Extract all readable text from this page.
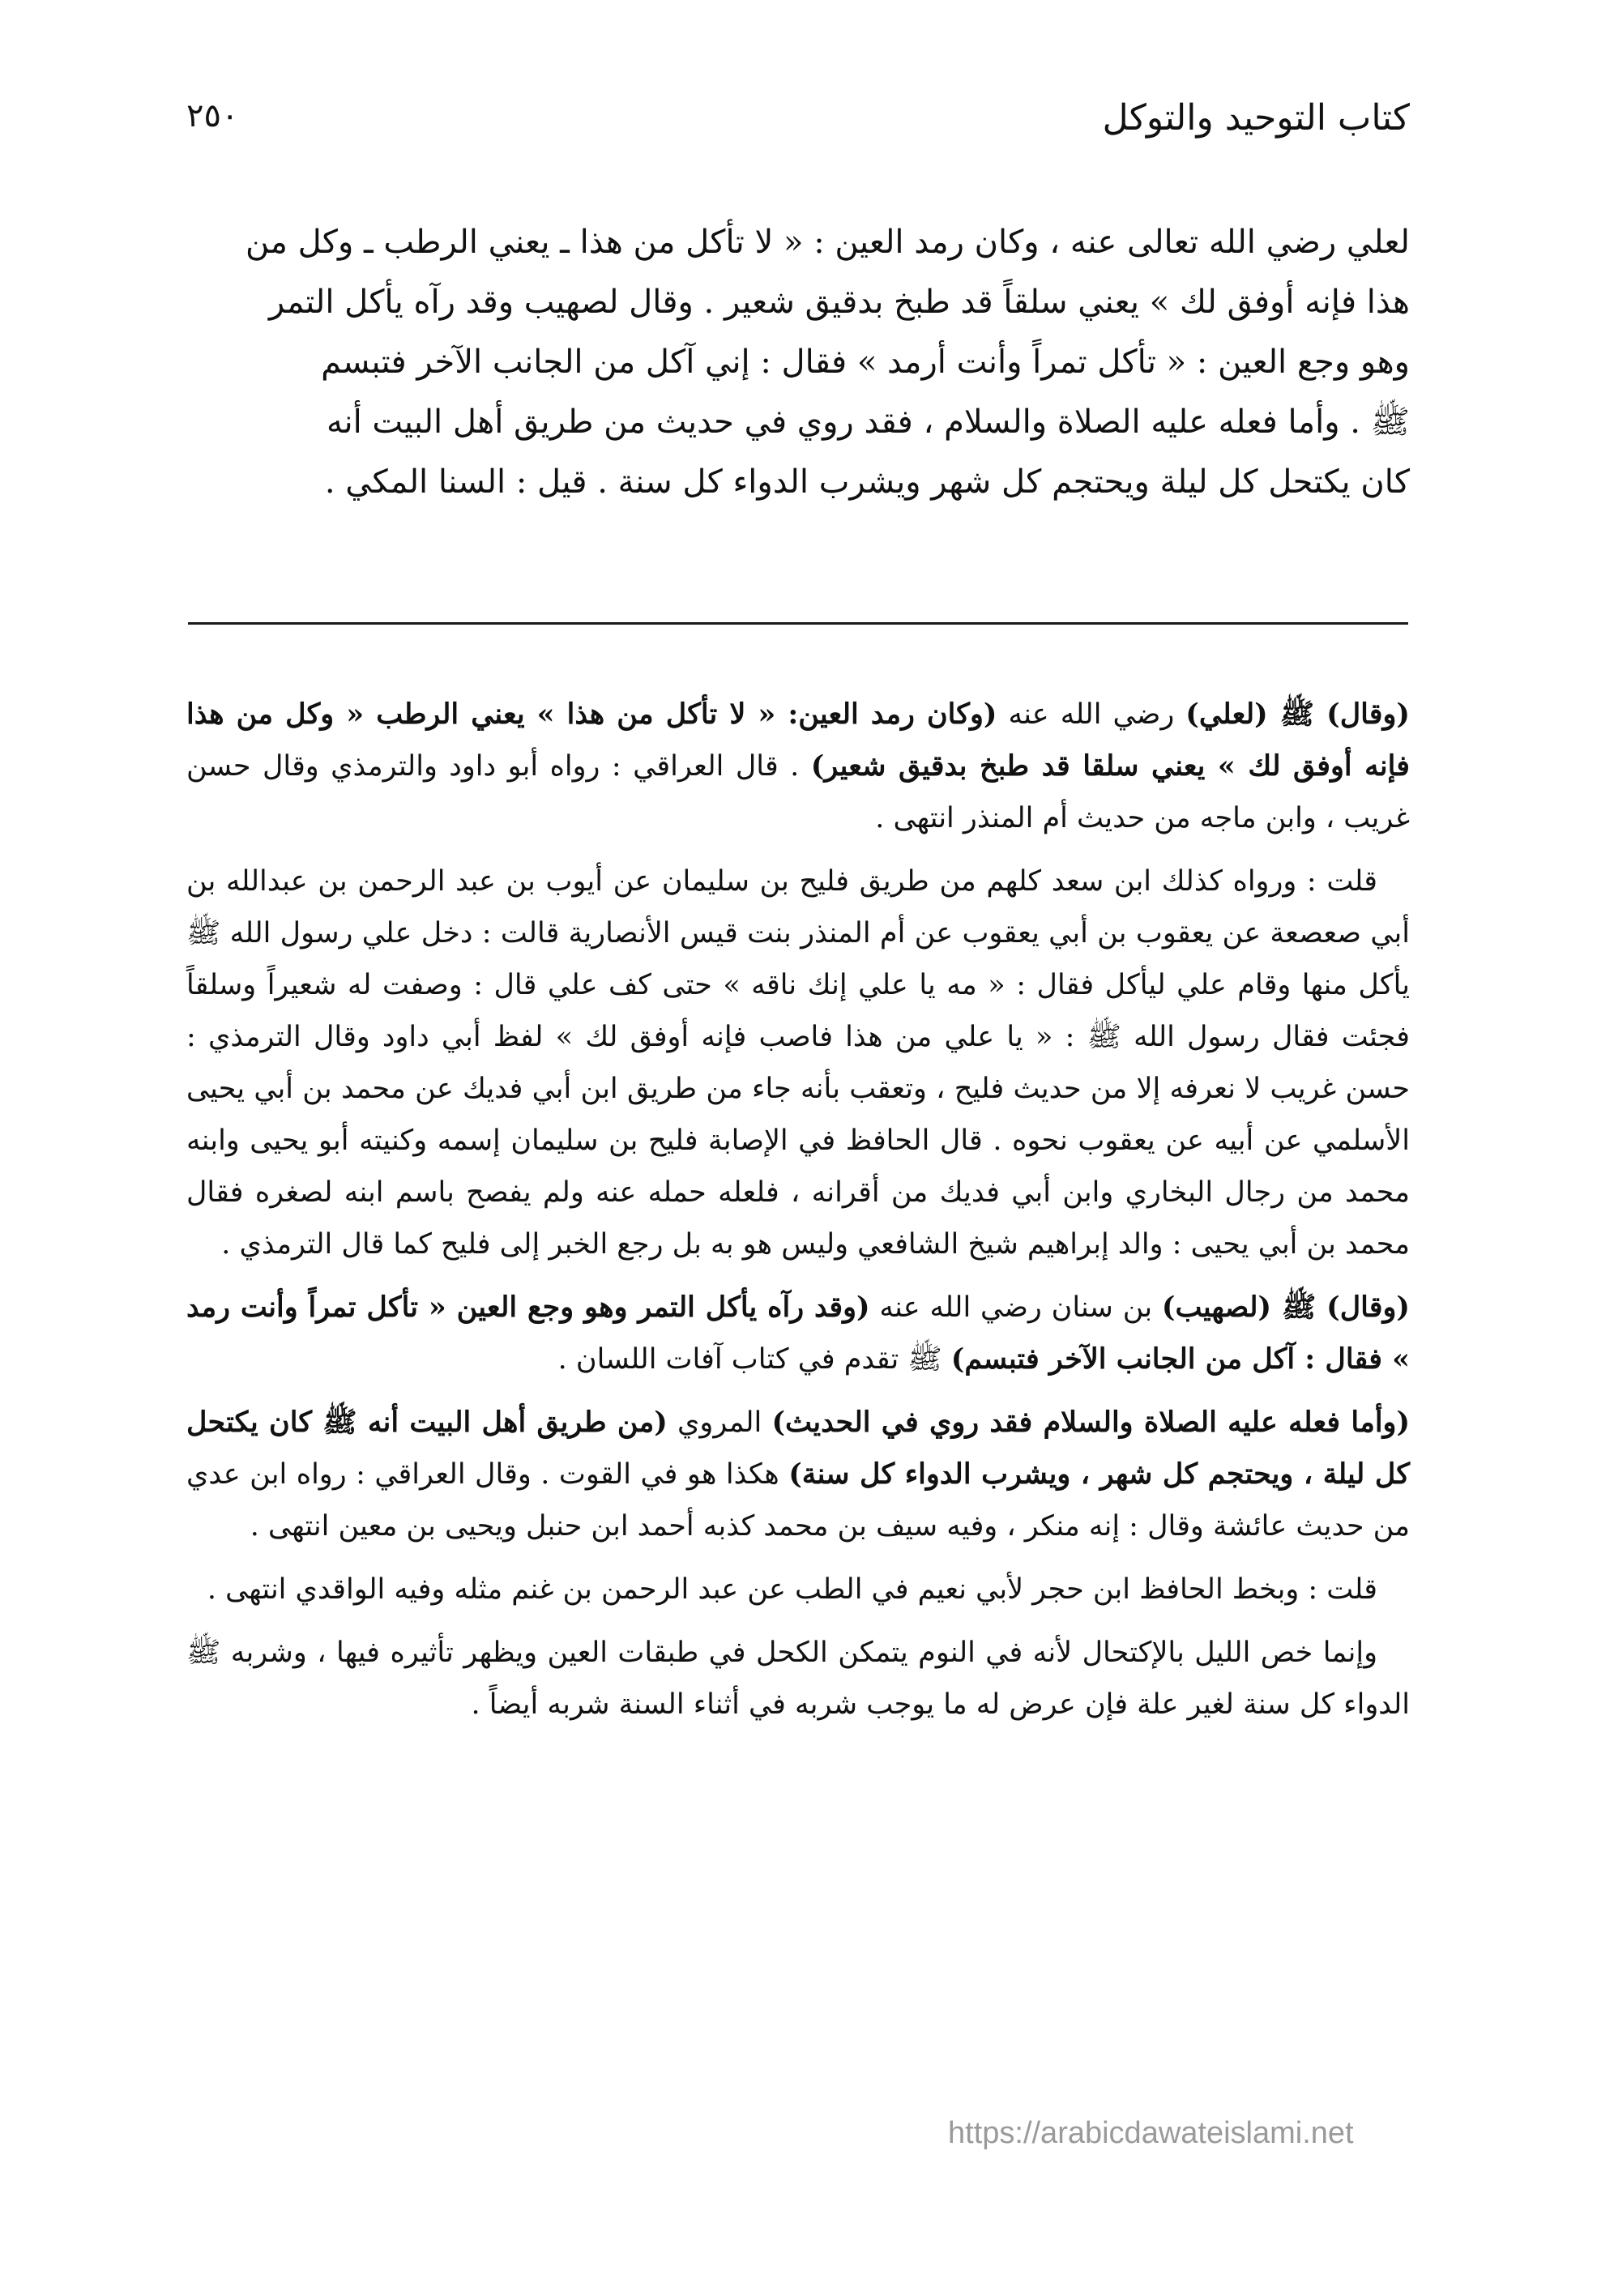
٢٥٠	كتاب التوحيد والتوكل
لعلي رضي الله تعالى عنه ، وكان رمد العين : « لا تأكل من هذا ـ يعني الرطب ـ وكل من
هذا فإنه أوفق لك » يعني سلقاً قد طبخ بدقيق شعير . وقال لصهيب وقد رآه يأكل التمر
وهو وجع العين : « تأكل تمراً وأنت أرمد » فقال : إني آكل من الجانب الآخر فتبسم
ﷺ . وأما فعله عليه الصلاة والسلام ، فقد روي في حديث من طريق أهل البيت أنه
كان يكتحل كل ليلة ويحتجم كل شهر ويشرب الدواء كل سنة . قيل : السنا المكي .

(وقال) ﷺ (لعلي) رضي الله عنه (وكان رمد العين: « لا تأكل من هذا » يعني الرطب « وكل من هذا فإنه أوفق لك » يعني سلقا قد طبخ بدقيق شعير) . قال العراقي : رواه أبو داود والترمذي وقال حسن غريب ، وابن ماجه من حديث أم المنذر انتهى .

قلت : ورواه كذلك ابن سعد كلهم من طريق فليح بن سليمان عن أيوب بن عبد الرحمن بن عبدالله بن أبي صعصعة عن يعقوب بن أبي يعقوب عن أم المنذر بنت قيس الأنصارية قالت : دخل علي رسول الله ﷺ يأكل منها وقام علي ليأكل فقال : « مه يا علي إنك ناقه » حتى كف علي قال : وصفت له شعيراً وسلقاً فجئت فقال رسول الله ﷺ : « يا علي من هذا فاصب فإنه أوفق لك » لفظ أبي داود وقال الترمذي : حسن غريب لا نعرفه إلا من حديث فليح ، وتعقب بأنه جاء من طريق ابن أبي فديك عن محمد بن أبي يحيى الأسلمي عن أبيه عن يعقوب نحوه . قال الحافظ في الإصابة فليح بن سليمان إسمه وكنيته أبو يحيى وابنه محمد من رجال البخاري وابن أبي فديك من أقرانه ، فلعله حمله عنه ولم يفصح باسم ابنه لصغره فقال محمد بن أبي يحيى : والد إبراهيم شيخ الشافعي وليس هو به بل رجع الخبر إلى فليح كما قال الترمذي .

(وقال) ﷺ (لصهيب) بن سنان رضي الله عنه (وقد رآه يأكل التمر وهو وجع العين « تأكل تمراً وأنت رمد » فقال : آكل من الجانب الآخر فتبسم) ﷺ تقدم في كتاب آفات اللسان .

(وأما فعله عليه الصلاة والسلام فقد روي في الحديث) المروي (من طريق أهل البيت أنه ﷺ كان يكتحل كل ليلة ، ويحتجم كل شهر ، ويشرب الدواء كل سنة) هكذا هو في القوت . وقال العراقي : رواه ابن عدي من حديث عائشة وقال : إنه منكر ، وفيه سيف بن محمد كذبه أحمد ابن حنبل ويحيى بن معين انتهى .

قلت : وبخط الحافظ ابن حجر لأبي نعيم في الطب عن عبد الرحمن بن غنم مثله وفيه الواقدي انتهى .

وإنما خص الليل بالإكتحال لأنه في النوم يتمكن الكحل في طبقات العين ويظهر تأثيره فيها ، وشربه ﷺ الدواء كل سنة لغير علة فإن عرض له ما يوجب شربه في أثناء السنة شربه أيضاً .

https://arabicdawateislami.net
